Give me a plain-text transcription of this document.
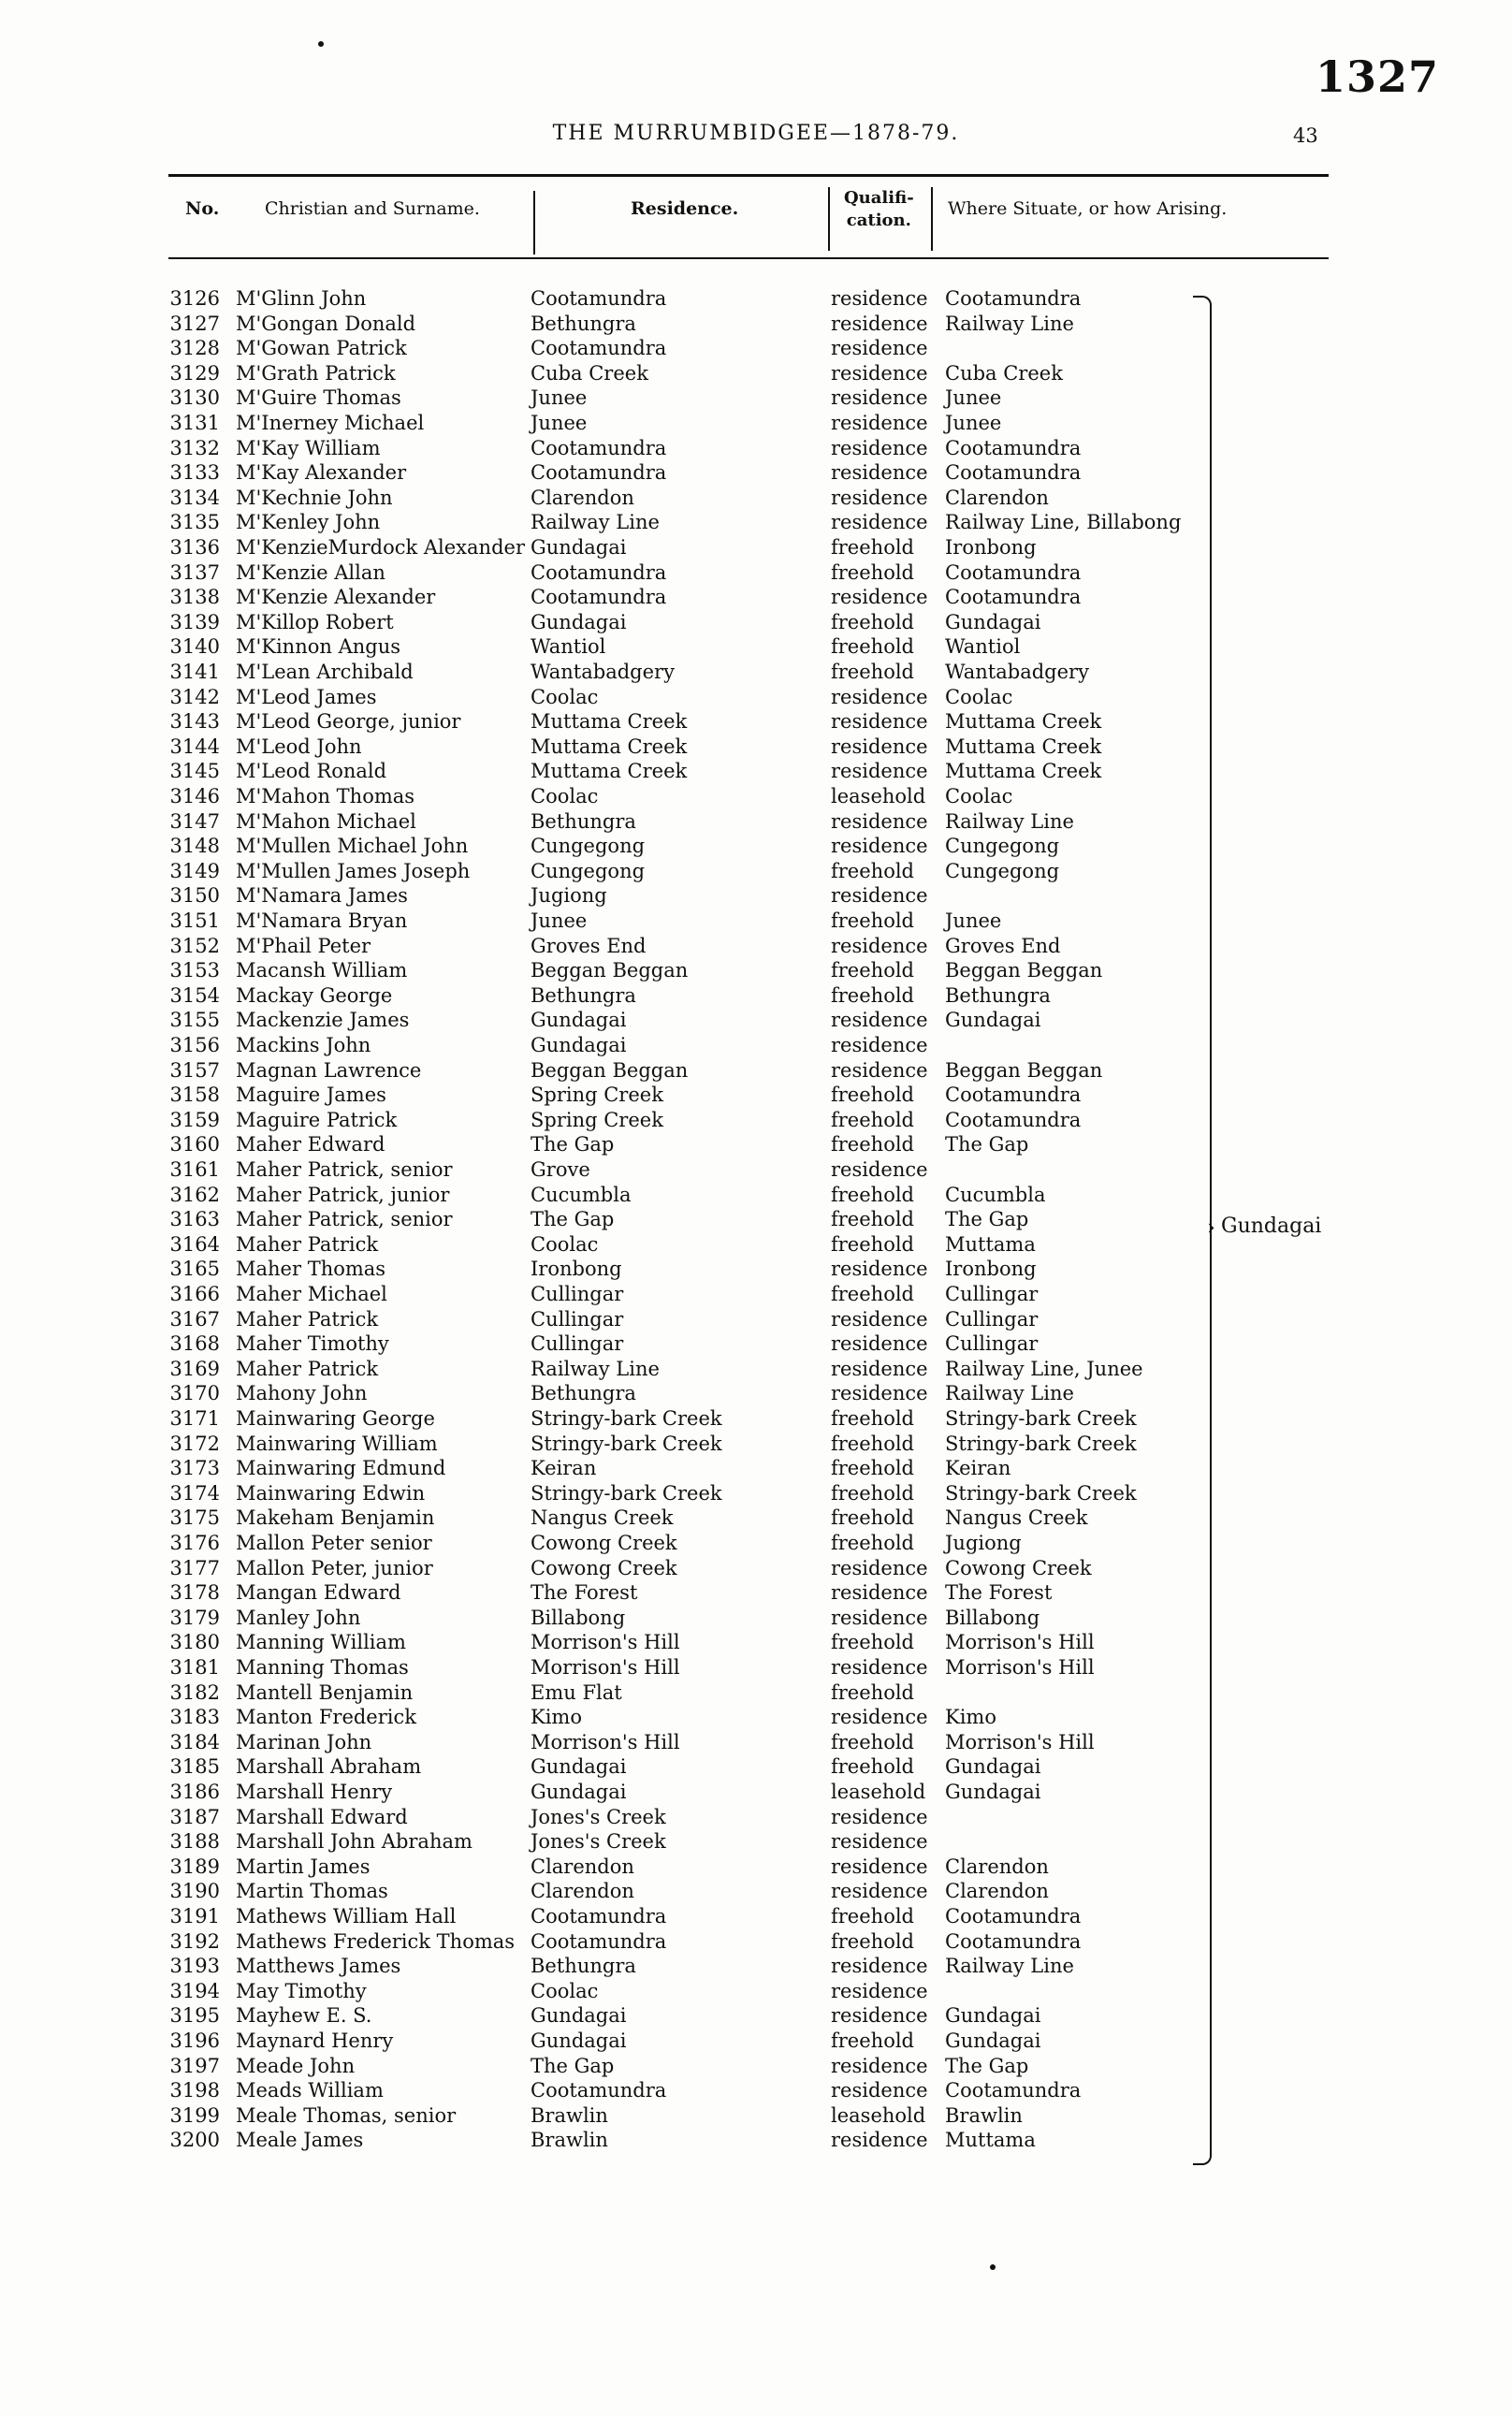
1327
THE MURRUMBIDGEE—1878-79.	43
No.	Christian and Surname.	Residence.
Qualifi-
cation.
Where Situate, or how Arising.
3126 M'Glinn John	Cootamundra	residence Cootamundra
3127 M'Gongan Donald	Bethungra	residence Railway Line
3128 M'Gowan Patrick	Cootamundra	residence
3129 M'Grath Patrick	Cuba Creek	residence Cuba Creek
3130 M'Guire Thomas	Junee	residence Junee
3131 M'Inerney Michael	Junee	residence Junee
3132 M'Kay William	Cootamundra	residence Cootamundra
3133 M'Kay Alexander	Cootamundra	residence Cootamundra
3134 M'Kechnie John	Clarendon	residence Clarendon
3135 M'Kenley John	Railway Line	residence Railway Line, Billabong
3136 M'KenzieMurdock Alexander Gundagai	freehold Ironbong
3137 M'Kenzie Allan	Cootamundra	freehold Cootamundra
3138 M'Kenzie Alexander	Cootamundra	residence Cootamundra
3139 M'Killop Robert	Gundagai	freehold Gundagai
3140 M'Kinnon Angus	Wantiol	freehold Wantiol
3141 M'Lean Archibald	Wantabadgery	freehold Wantabadgery
3142 M'Leod James	Coolac	residence Coolac
3143 M'Leod George, junior	Muttama Creek	residence Muttama Creek
3144 M'Leod John	Muttama Creek	residence Muttama Creek
3145 M'Leod Ronald	Muttama Creek	residence Muttama Creek
3146 M'Mahon Thomas	Coolac	leasehold Coolac
3147 M'Mahon Michael	Bethungra	residence Railway Line
3148 M'Mullen Michael John	Cungegong	residence Cungegong
3149 M'Mullen James Joseph	Cungegong	freehold Cungegong
3150 M'Namara James	Jugiong	residence
3151 M'Namara Bryan	Junee	freehold Junee
3152 M'Phail Peter	Groves End	residence Groves End
3153 Macansh William	Beggan Beggan	freehold Beggan Beggan
3154 Mackay George	Bethungra	freehold Bethungra
3155 Mackenzie James	Gundagai	residence Gundagai
3156 Mackins John	Gundagai	residence
3157 Magnan Lawrence	Beggan Beggan	residence Beggan Beggan
3158 Maguire James	Spring Creek	freehold Cootamundra
3159 Maguire Patrick	Spring Creek	freehold Cootamundra
3160 Maher Edward	The Gap	freehold The Gap
3161 Maher Patrick, senior	Grove	residence
3162 Maher Patrick, junior	Cucumbla	freehold Cucumbla
3163 Maher Patrick, senior	The Gap	freehold The Gap
3164 Maher Patrick	Coolac	freehold Muttama
3165 Maher Thomas	Ironbong	residence Ironbong
3166 Maher Michael	Cullingar	freehold Cullingar
3167 Maher Patrick	Cullingar	residence Cullingar
3168 Maher Timothy	Cullingar	residence Cullingar
3169 Maher Patrick	Railway Line	residence Railway Line, Junee
3170 Mahony John	Bethungra	residence Railway Line
3171 Mainwaring George	Stringy-bark Creek	freehold Stringy-bark Creek
3172 Mainwaring William	Stringy-bark Creek	freehold Stringy-bark Creek
3173 Mainwaring Edmund	Keiran	freehold Keiran
3174 Mainwaring Edwin	Stringy-bark Creek	freehold Stringy-bark Creek
3175 Makeham Benjamin	Nangus Creek	freehold Nangus Creek
3176 Mallon Peter senior	Cowong Creek	freehold Jugiong
3177 Mallon Peter, junior	Cowong Creek	residence Cowong Creek
3178 Mangan Edward	The Forest	residence The Forest
3179 Manley John	Billabong	residence Billabong
3180 Manning William	Morrison's Hill	freehold Morrison's Hill
3181 Manning Thomas	Morrison's Hill	residence Morrison's Hill
3182 Mantell Benjamin	Emu Flat	freehold
3183 Manton Frederick	Kimo	residence Kimo
3184 Marinan John	Morrison's Hill	freehold Morrison's Hill
3185 Marshall Abraham	Gundagai	freehold Gundagai
3186 Marshall Henry	Gundagai	leasehold Gundagai
3187 Marshall Edward	Jones's Creek	residence
3188 Marshall John Abraham	Jones's Creek	residence
3189 Martin James	Clarendon	residence Clarendon
3190 Martin Thomas	Clarendon	residence Clarendon
3191 Mathews William Hall	Cootamundra	freehold Cootamundra
3192 Mathews Frederick Thomas Cootamundra	freehold Cootamundra
3193 Matthews James	Bethungra	residence Railway Line
3194 May Timothy	Coolac	residence
3195 Mayhew E. S.	Gundagai	residence Gundagai
3196 Maynard Henry	Gundagai	freehold Gundagai
3197 Meade John	The Gap	residence The Gap
3198 Meads William	Cootamundra	residence Cootamundra
3199 Meale Thomas, senior	Brawlin	leasehold Brawlin
3200 Meale James	Brawlin	residence Muttama
› Gundagai
